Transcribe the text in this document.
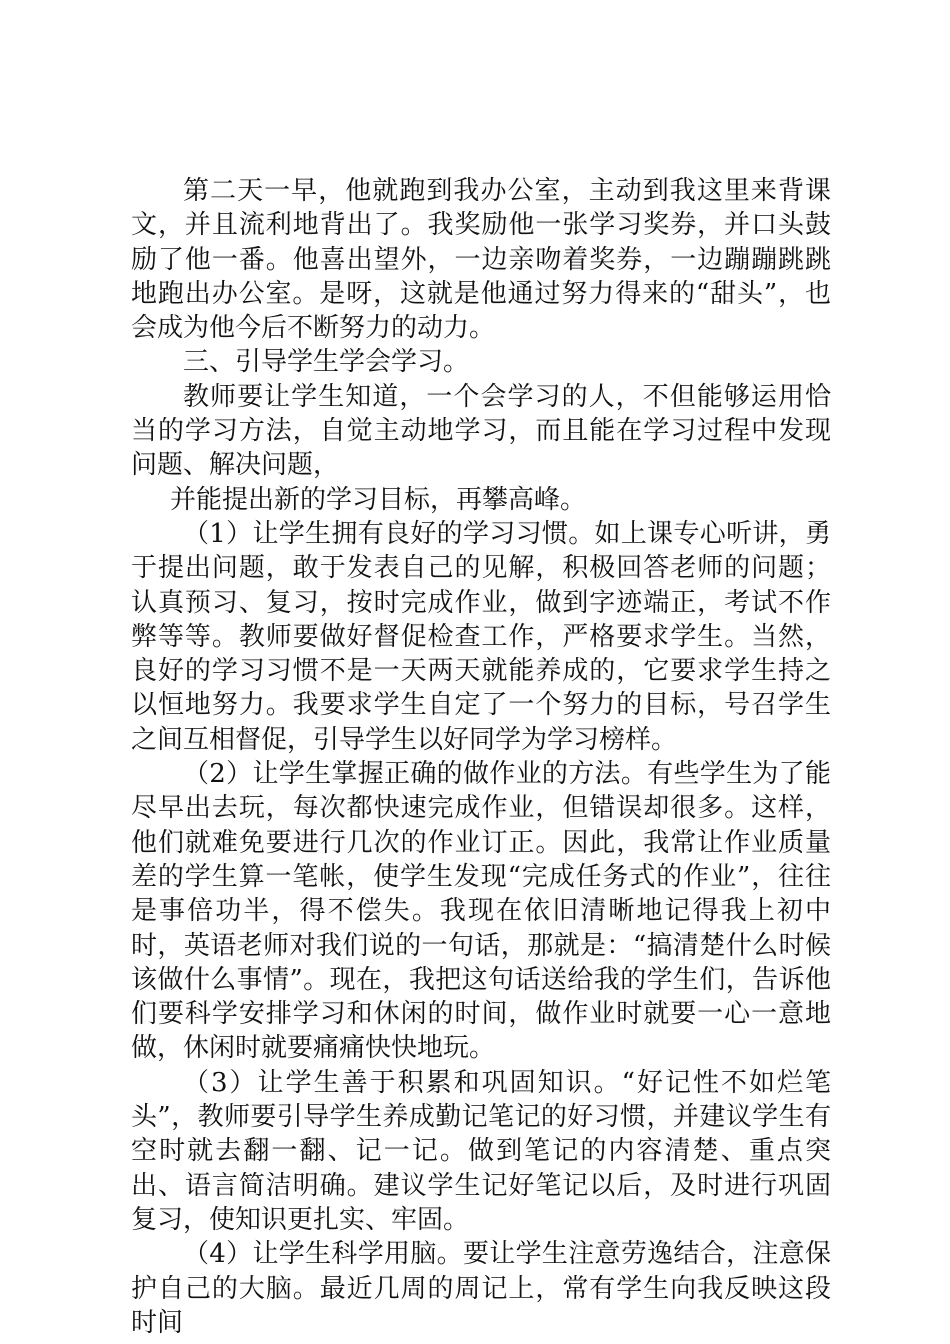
第二天一早，他就跑到我办公室，主动到我这里来背课文，并且流利地背出了。我奖励他一张学习奖券，并口头鼓励了他一番。他喜出望外，一边亲吻着奖券，一边蹦蹦跳跳地跑出办公室。是呀，这就是他通过努力得来的“甜头”，也会成为他今后不断努力的动力。

三、引导学生学会学习。

教师要让学生知道，一个会学习的人，不但能够运用恰当的学习方法，自觉主动地学习，而且能在学习过程中发现问题、解决问题，

并能提出新的学习目标，再攀高峰。

（1）让学生拥有良好的学习习惯。如上课专心听讲，勇于提出问题，敢于发表自己的见解，积极回答老师的问题；认真预习、复习，按时完成作业，做到字迹端正，考试不作弊等等。教师要做好督促检查工作，严格要求学生。当然，良好的学习习惯不是一天两天就能养成的，它要求学生持之以恒地努力。我要求学生自定了一个努力的目标，号召学生之间互相督促，引导学生以好同学为学习榜样。

（2）让学生掌握正确的做作业的方法。有些学生为了能尽早出去玩，每次都快速完成作业，但错误却很多。这样，他们就难免要进行几次的作业订正。因此，我常让作业质量差的学生算一笔帐，使学生发现“完成任务式的作业”，往往是事倍功半，得不偿失。我现在依旧清晰地记得我上初中时，英语老师对我们说的一句话，那就是：“搞清楚什么时候该做什么事情”。现在，我把这句话送给我的学生们，告诉他们要科学安排学习和休闲的时间，做作业时就要一心一意地做，休闲时就要痛痛快快地玩。

（3）让学生善于积累和巩固知识。“好记性不如烂笔头”，教师要引导学生养成勤记笔记的好习惯，并建议学生有空时就去翻一翻、记一记。做到笔记的内容清楚、重点突出、语言简洁明确。建议学生记好笔记以后，及时进行巩固复习，使知识更扎实、牢固。

（4）让学生科学用脑。要让学生注意劳逸结合，注意保护自己的大脑。最近几周的周记上，常有学生向我反映这段时间
